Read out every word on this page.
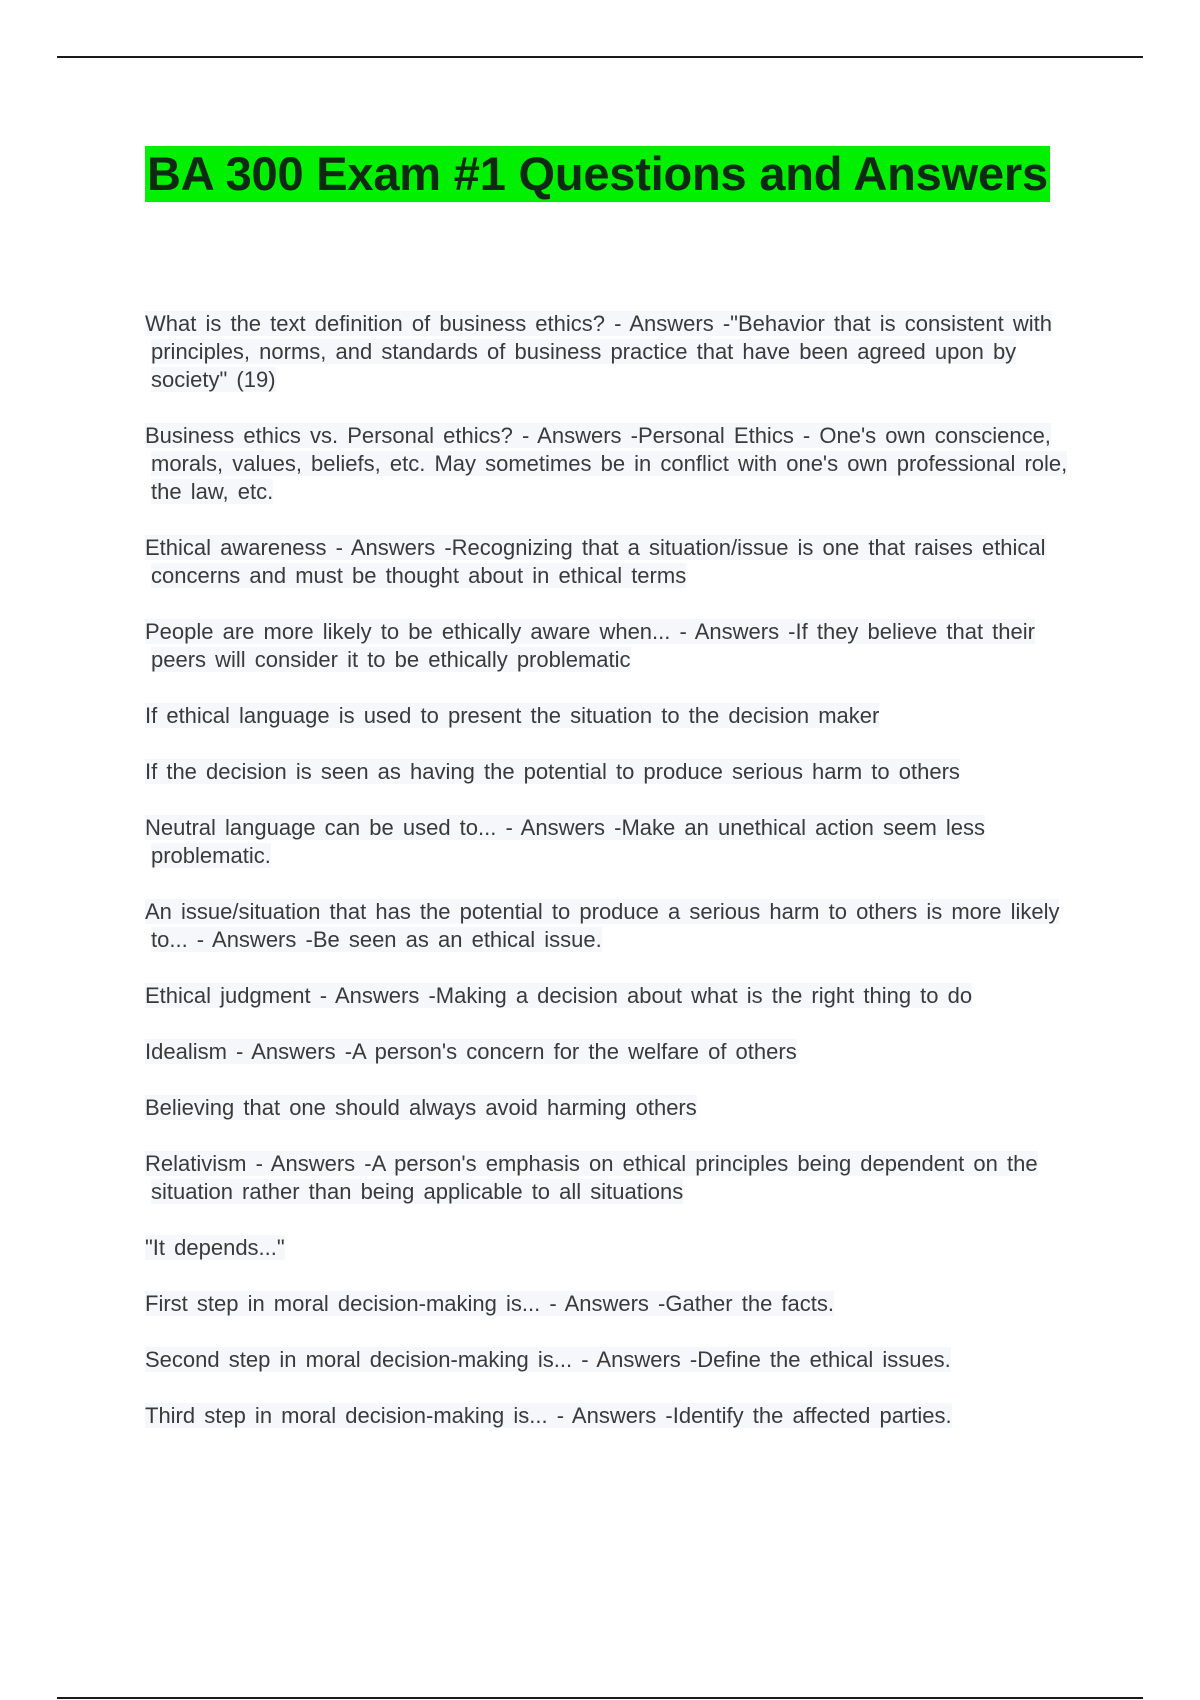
BA 300 Exam #1 Questions and Answers
What is the text definition of business ethics? - Answers -"Behavior that is consistent with principles, norms, and standards of business practice that have been agreed upon by society" (19)
Business ethics vs. Personal ethics? - Answers -Personal Ethics - One's own conscience, morals, values, beliefs, etc. May sometimes be in conflict with one's own professional role, the law, etc.
Ethical awareness - Answers -Recognizing that a situation/issue is one that raises ethical concerns and must be thought about in ethical terms
People are more likely to be ethically aware when... - Answers -If they believe that their peers will consider it to be ethically problematic
If ethical language is used to present the situation to the decision maker
If the decision is seen as having the potential to produce serious harm to others
Neutral language can be used to... - Answers -Make an unethical action seem less problematic.
An issue/situation that has the potential to produce a serious harm to others is more likely to... - Answers -Be seen as an ethical issue.
Ethical judgment - Answers -Making a decision about what is the right thing to do
Idealism - Answers -A person's concern for the welfare of others
Believing that one should always avoid harming others
Relativism - Answers -A person's emphasis on ethical principles being dependent on the situation rather than being applicable to all situations
"It depends..."
First step in moral decision-making is... - Answers -Gather the facts.
Second step in moral decision-making is... - Answers -Define the ethical issues.
Third step in moral decision-making is... - Answers -Identify the affected parties.
